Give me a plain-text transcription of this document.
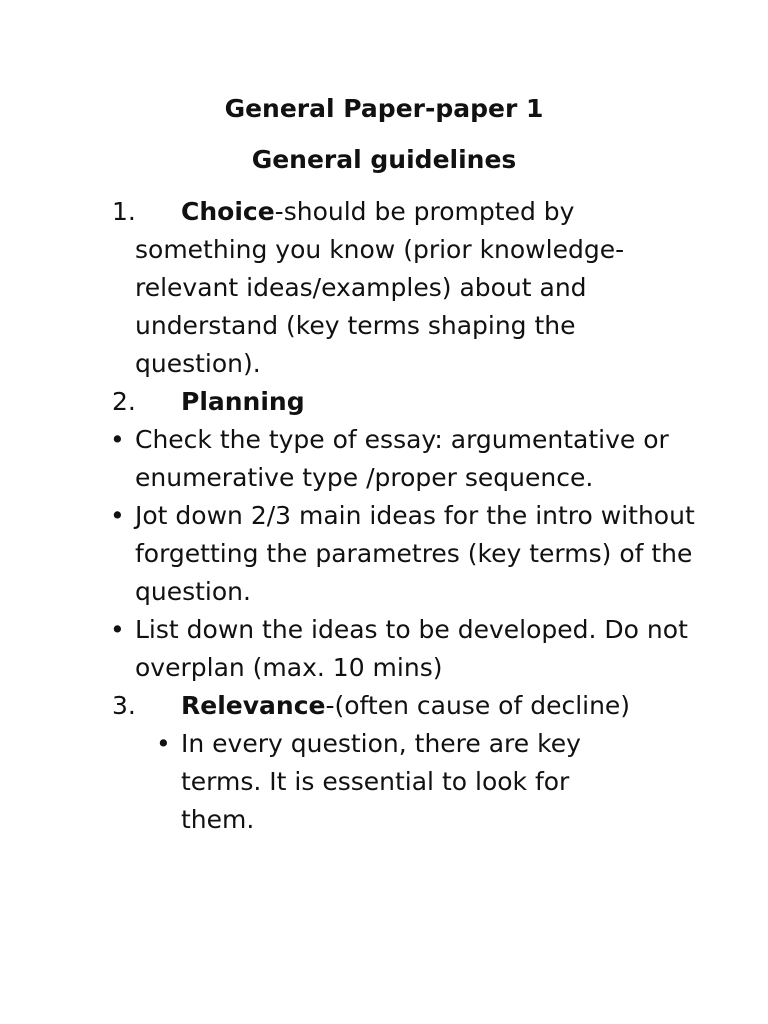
General Paper-paper 1
General guidelines
1.	Choice-should be prompted by something you know (prior knowledge-relevant ideas/examples) about and understand (key terms shaping the question).
2. Planning
• Check the type of essay: argumentative or enumerative type /proper sequence.
• Jot down 2/3 main ideas for the intro without forgetting the parametres (key terms) of the question.
• List down the ideas to be developed. Do not overplan (max. 10 mins)
3. Relevance-(often cause of decline)
• In every question, there are key terms. It is essential to look for them.
